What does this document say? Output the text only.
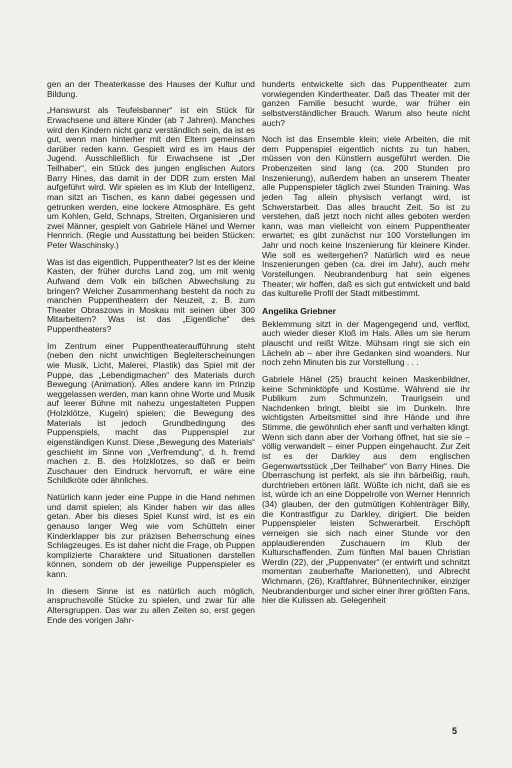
gen an der Theaterkasse des Hauses der Kultur und Bildung.

„Hanswurst als Teufelsbanner“ ist ein Stück für Erwachsene und ältere Kinder (ab 7 Jahren). Manches wird den Kindern nicht ganz verständlich sein, da ist es gut, wenn man hinterher mit den Eltern gemeinsam darüber reden kann. Gespielt wird es im Haus der Jugend. Ausschließlich für Erwachsene ist „Der Teilhaber“, ein Stück des jungen englischen Autors Barry Hines, das damit in der DDR zum ersten Mal aufgeführt wird. Wir spielen es im Klub der Intelligenz, man sitzt an Tischen, es kann dabei gegessen und getrunken werden, eine lockere Atmosphäre. Es geht um Kohlen, Geld, Schnaps, Streiten, Organisieren und zwei Männer, gespielt von Gabriele Hänel und Werner Hennrich. (Regie und Ausstattung bei beiden Stücken: Peter Waschinsky.)

Was ist das eigentlich, Puppentheater? Ist es der kleine Kasten, der früher durchs Land zog, um mit wenig Aufwand dem Volk ein bißchen Abwechslung zu bringen? Welcher Zusammenhang besteht da noch zu manchen Puppentheatern der Neuzeit, z. B. zum Theater Obraszows in Moskau mit seinen über 300 Mitarbeitern? Was ist das „Eigentliche“ des Puppentheaters?

Im Zentrum einer Puppentheateraufführung steht (neben den nicht unwichtigen Begleiterscheinungen wie Musik, Licht, Malerei, Plastik) das Spiel mit der Puppe, das „Lebendigmachen“ des Materials durch Bewegung (Animation). Alles andere kann im Prinzip weggelassen werden, man kann ohne Worte und Musik auf leerer Bühne mit nahezu ungestalteten Puppen (Holzklötze, Kugeln) spielen; die Bewegung des Materials ist jedoch Grundbedingung des Puppenspiels, macht das Puppenspiel zur eigenständigen Kunst. Diese „Bewegung des Materials“ geschieht im Sinne von „Verfremdung“, d. h. fremd machen z. B. des Holzklotzes, so daß er beim Zuschauer den Eindruck hervorruft, er wäre eine Schildkröte oder ähnliches.

Natürlich kann jeder eine Puppe in die Hand nehmen und damit spielen; als Kinder haben wir das alles getan. Aber bis dieses Spiel Kunst wird, ist es ein genauso langer Weg wie vom Schütteln einer Kinderklapper bis zur präzisen Beherrschung eines Schlagzeuges. Es ist daher nicht die Frage, ob Puppen komplizierte Charaktere und Situationen darstellen können, sondern ob der jeweilige Puppenspieler es kann.

In diesem Sinne ist es natürlich auch möglich, anspruchsvolle Stücke zu spielen, und zwar für alle Altersgruppen. Das war zu allen Zeiten so, erst gegen Ende des vorigen Jahr-

hunderts entwickelte sich das Puppentheater zum vorwiegenden Kindertheater. Daß das Theater mit der ganzen Familie besucht wurde, war früher ein selbstverständlicher Brauch. Warum also heute nicht auch?

Noch ist das Ensemble klein; viele Arbeiten, die mit dem Puppenspiel eigentlich nichts zu tun haben, müssen von den Künstlern ausgeführt werden. Die Probenzeiten sind lang (ca. 200 Stunden pro Inszenierung), außerdem haben an unserem Theater alle Puppenspieler täglich zwei Stunden Training. Was jeden Tag allein physisch verlangt wird, ist Schwerstarbeit. Das alles braucht Zeit. So ist zu verstehen, daß jetzt noch nicht alles geboten werden kann, was man vielleicht von einem Puppentheater erwartet; es gibt zunächst nur 100 Vorstellungen im Jahr und noch keine Inszenierung für kleinere Kinder. Wie soll es weitergehen? Natürlich wird es neue Inszenierungen geben (ca. drei im Jahr), auch mehr Vorstellungen. Neubrandenburg hat sein eigenes Theater; wir hoffen, daß es sich gut entwickelt und bald das kulturelle Profil der Stadt mitbestimmt.

Angelika Griebner

Beklemmung sitzt in der Magengegend und, verflixt, auch wieder dieser Kloß im Hals. Alles um sie herum plauscht und reißt Witze. Mühsam ringt sie sich ein Lächeln ab – aber ihre Gedanken sind woanders. Nur noch zehn Minuten bis zur Vorstellung . . .

Gabriele Hänel (25) braucht keinen Maskenbildner, keine Schminktöpfe und Kostüme. Während sie ihr Publikum zum Schmunzeln, Traurigsein und Nachdenken bringt, bleibt sie im Dunkeln. Ihre wichtigsten Arbeitsmittel sind ihre Hände und ihre Stimme, die gewöhnlich eher sanft und verhalten klingt. Wenn sich dann aber der Vorhang öffnet, hat sie sie – völlig verwandelt – einer Puppen eingehaucht. Zur Zeit ist es der Darkley aus dem englischen Gegenwartsstück „Der Teilhaber“ von Barry Hines. Die Überraschung ist perfekt, als sie ihn bärbeißig, rauh, durchtrieben ertönen läßt. Wüßte ich nicht, daß sie es ist, würde ich an eine Doppelrolle von Werner Hennrich (34) glauben, der den gutmütigen Kohlenträger Billy, die Kontrastfigur zu Darkley, dirigiert. Die beiden Puppenspieler leisten Schwerarbeit. Erschöpft verneigen sie sich nach einer Stunde vor den applaudierenden Zuschauern im Klub der Kulturschaffenden. Zum fünften Mal bauen Christian Werdin (22), der „Puppenvater“ (er entwirft und schnitzt momentan zauberhafte Marionetten), und Albrecht Wichmann, (26), Kraftfahrer, Bühnentechniker, einziger Neubrandenburger und sicher einer ihrer größten Fans, hier die Kulissen ab. Gelegenheit

5
